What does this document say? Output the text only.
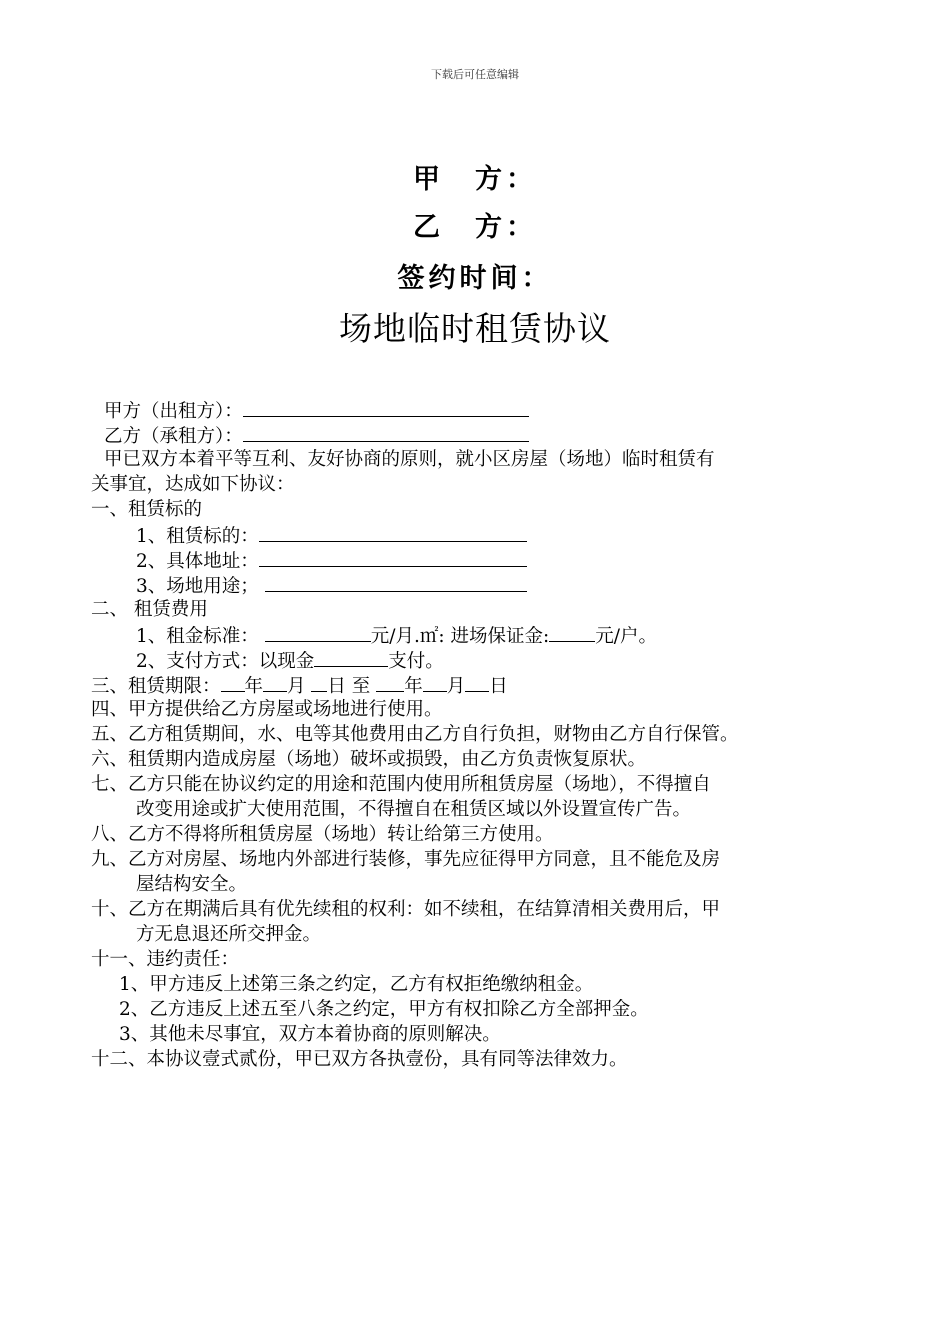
下载后可任意编辑
甲　方：
乙　方：
签约时间：
场地临时租赁协议
甲方（出租方）：
乙方（承租方）：
甲已双方本着平等互利、友好协商的原则，就小区房屋（场地）临时租赁有
关事宜，达成如下协议：
一、租赁标的
1、租赁标的：
2、具体地址：
3、场地用途；
二、 租赁费用
1、租金标准：	元/月.㎡: 进场保证金: 元/户。
2、支付方式：以现金	支付。
三、租赁期限： 年 月 日 至 年 月 日
四、甲方提供给乙方房屋或场地进行使用。
五、乙方租赁期间，水、电等其他费用由乙方自行负担，财物由乙方自行保管。
六、租赁期内造成房屋（场地）破坏或损毁，由乙方负责恢复原状。
七、乙方只能在协议约定的用途和范围内使用所租赁房屋（场地），不得擅自
改变用途或扩大使用范围，不得擅自在租赁区域以外设置宣传广告。
八、乙方不得将所租赁房屋（场地）转让给第三方使用。
九、乙方对房屋、场地内外部进行装修，事先应征得甲方同意，且不能危及房
屋结构安全。
十、乙方在期满后具有优先续租的权利：如不续租，在结算清相关费用后，甲
方无息退还所交押金。
十一、违约责任：
1、甲方违反上述第三条之约定，乙方有权拒绝缴纳租金。
2、乙方违反上述五至八条之约定，甲方有权扣除乙方全部押金。
3、其他未尽事宜，双方本着协商的原则解决。
十二、本协议壹式贰份，甲已双方各执壹份，具有同等法律效力。
